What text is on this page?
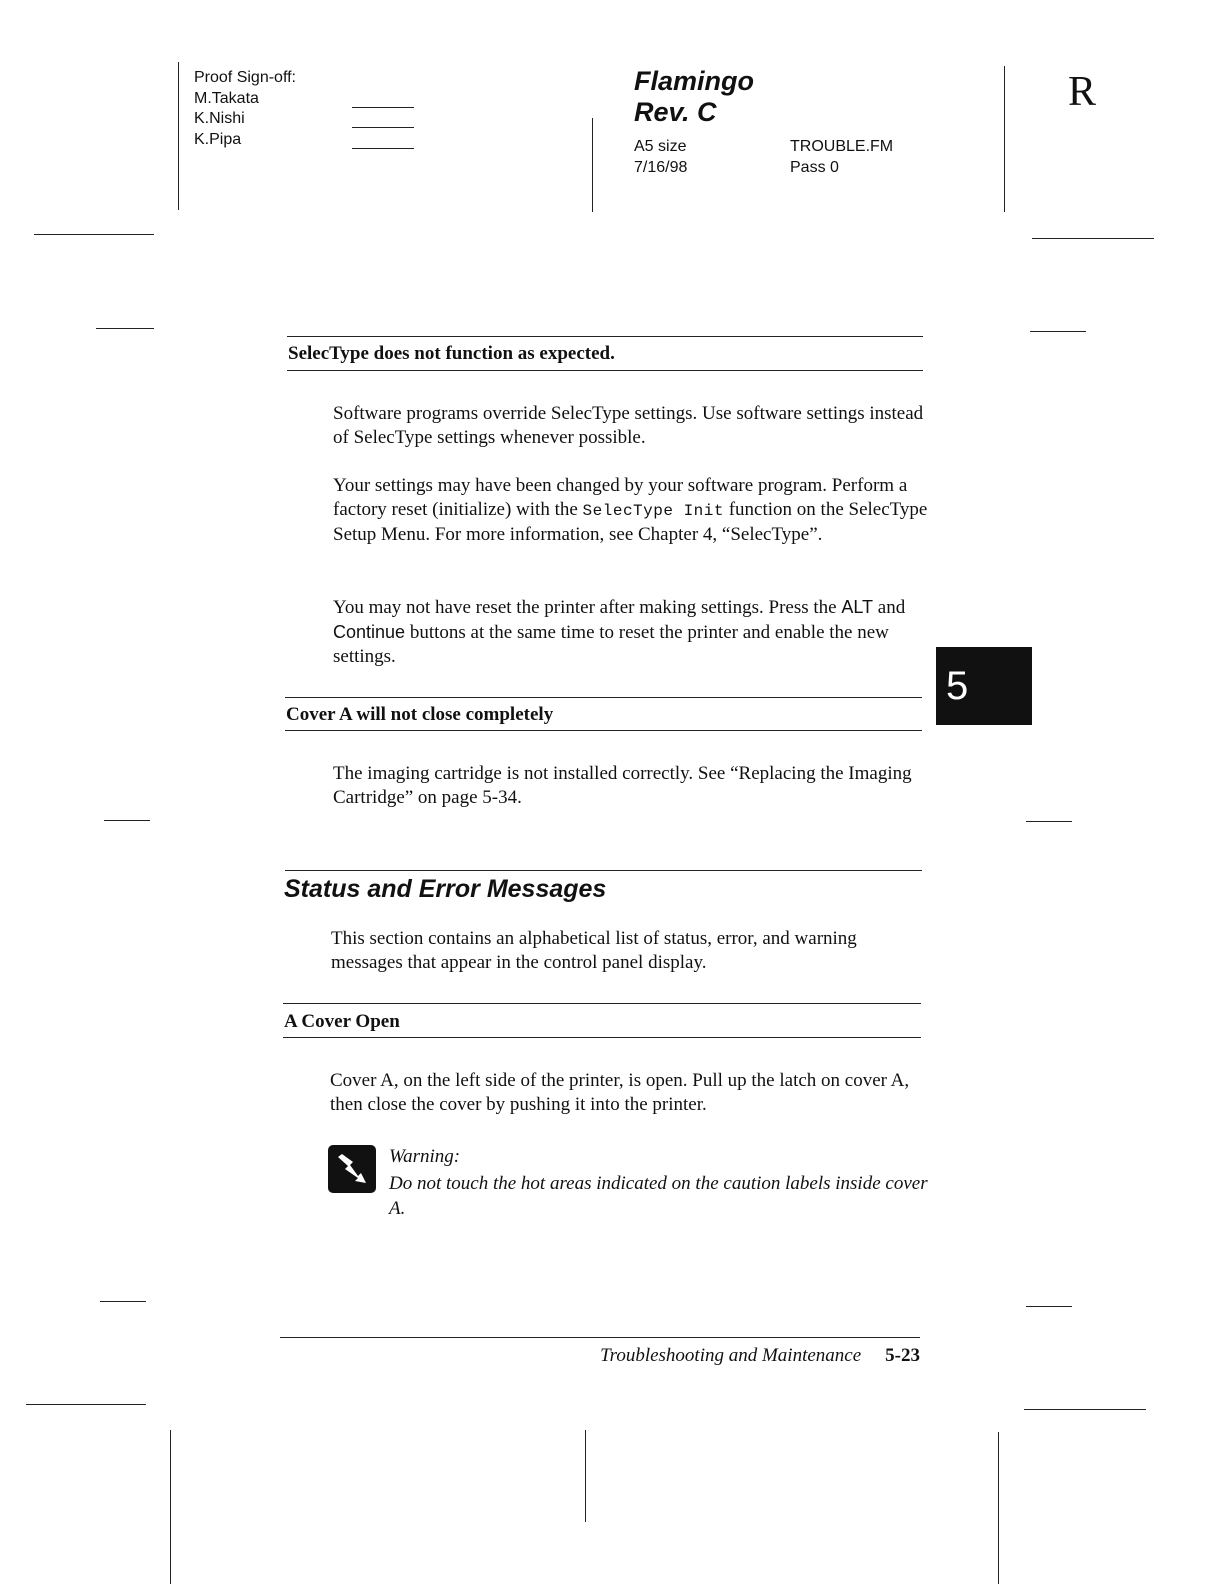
Proof Sign-off:
M.Takata
K.Nishi
K.Pipa
Flamingo
Rev. C
A5 size
7/16/98
TROUBLE.FM
Pass 0
R
SelecType does not function as expected.

Software programs override SelecType settings. Use software settings instead of SelecType settings whenever possible.

Your settings may have been changed by your software program. Perform a factory reset (initialize) with the SelecType Init function on the SelecType Setup Menu. For more information, see Chapter 4, “SelecType”.

You may not have reset the printer after making settings. Press the ALT and Continue buttons at the same time to reset the printer and enable the new settings.

5
Cover A will not close completely

The imaging cartridge is not installed correctly. See “Replacing the Imaging Cartridge” on page 5-34.

Status and Error Messages

This section contains an alphabetical list of status, error, and warning messages that appear in the control panel display.

A Cover Open

Cover A, on the left side of the printer, is open. Pull up the latch on cover A, then close the cover by pushing it into the printer.

Warning:
Do not touch the hot areas indicated on the caution labels inside cover A.
Troubleshooting and Maintenance 5-23
